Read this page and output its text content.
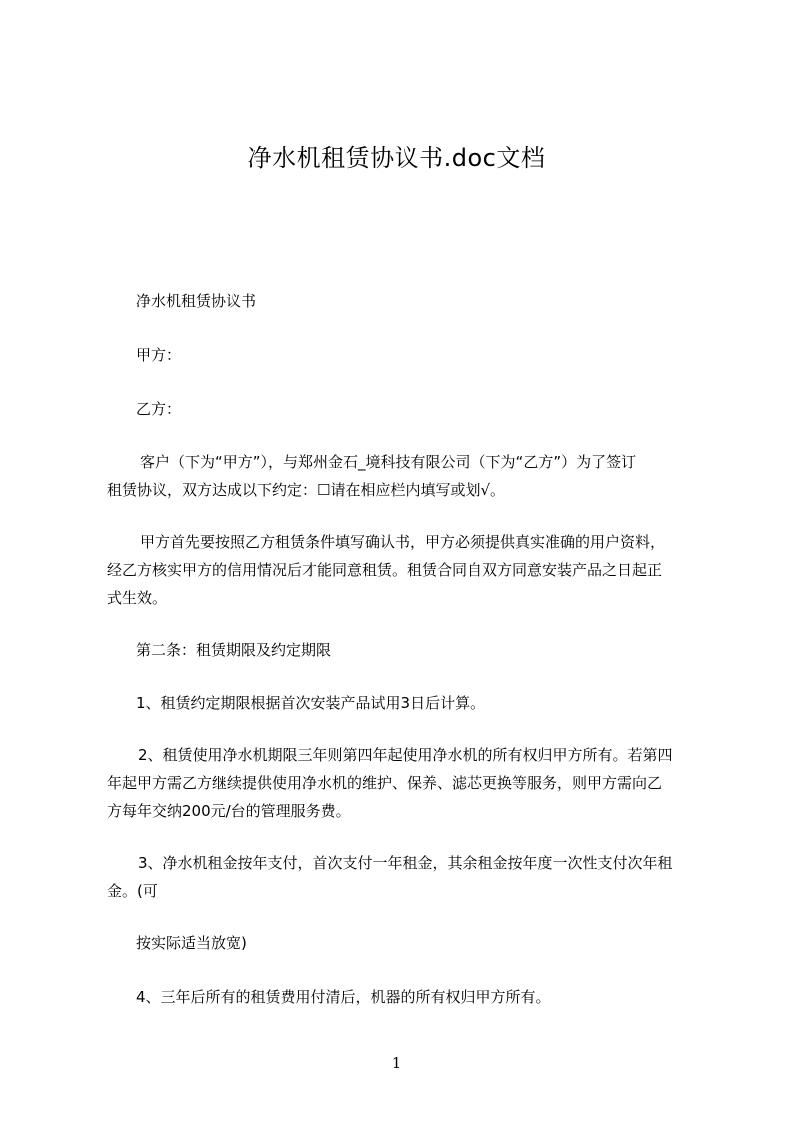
净水机租赁协议书.doc文档
净水机租赁协议书
甲方：
乙方：
客户（下为“甲方”），与郑州金石_境科技有限公司（下为“乙方”）为了签订
租赁协议，双方达成以下约定：☐请在相应栏内填写或划√。
甲方首先要按照乙方租赁条件填写确认书，甲方必须提供真实准确的用户资料，
经乙方核实甲方的信用情况后才能同意租赁。租赁合同自双方同意安装产品之日起正
式生效。
第二条：租赁期限及约定期限
1、租赁约定期限根据首次安装产品试用3日后计算。
2、租赁使用净水机期限三年则第四年起使用净水机的所有权归甲方所有。若第四
年起甲方需乙方继续提供使用净水机的维护、保养、滤芯更换等服务，则甲方需向乙
方每年交纳200元/台的管理服务费。
3、净水机租金按年支付，首次支付一年租金，其余租金按年度一次性支付次年租
金。(可
按实际适当放宽)
4、三年后所有的租赁费用付清后，机器的所有权归甲方所有。
1
